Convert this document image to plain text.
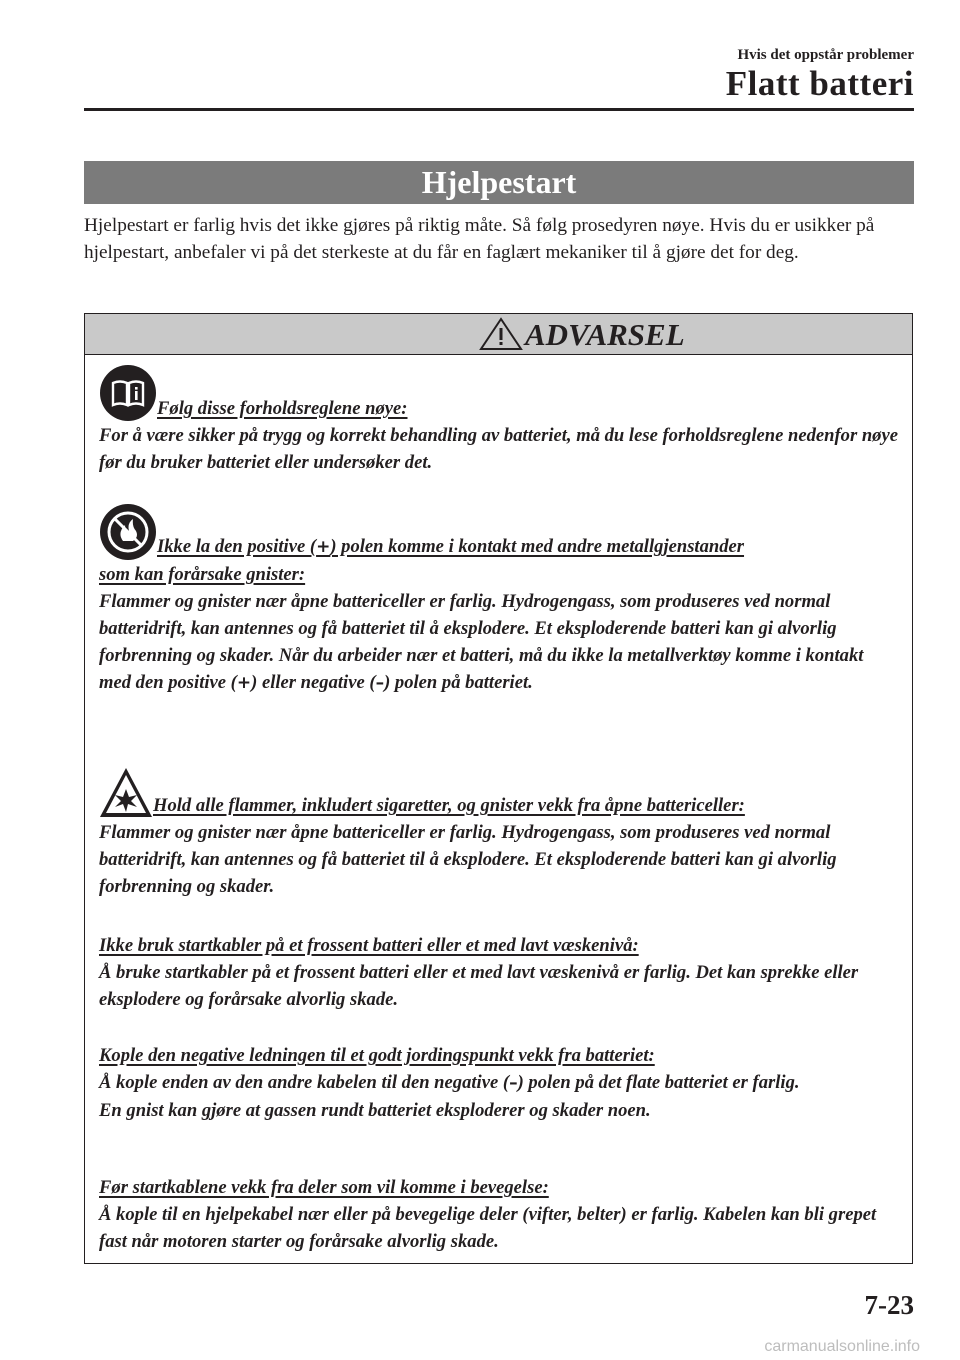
Hvis det oppstår problemer
Flatt batteri
Hjelpestart
Hjelpestart er farlig hvis det ikke gjøres på riktig måte. Så følg prosedyren nøye. Hvis du er usikker på hjelpestart, anbefaler vi på det sterkeste at du får en faglært mekaniker til å gjøre det for deg.
ADVARSEL
Følg disse forholdsreglene nøye:
For å være sikker på trygg og korrekt behandling av batteriet, må du lese forholdsreglene nedenfor nøye før du bruker batteriet eller undersøker det.
Ikke la den positive (+) polen komme i kontakt med andre metallgjenstander
som kan forårsake gnister:
Flammer og gnister nær åpne battericeller er farlig. Hydrogengass, som produseres ved normal batteridrift, kan antennes og få batteriet til å eksplodere. Et eksploderende batteri kan gi alvorlig forbrenning og skader. Når du arbeider nær et batteri, må du ikke la metallverktøy komme i kontakt med den positive (+) eller negative (–) polen på batteriet.
Hold alle flammer, inkludert sigaretter, og gnister vekk fra åpne battericeller:
Flammer og gnister nær åpne battericeller er farlig. Hydrogengass, som produseres ved normal batteridrift, kan antennes og få batteriet til å eksplodere. Et eksploderende batteri kan gi alvorlig forbrenning og skader.
Ikke bruk startkabler på et frossent batteri eller et med lavt væskenivå:
Å bruke startkabler på et frossent batteri eller et med lavt væskenivå er farlig. Det kan sprekke eller eksplodere og forårsake alvorlig skade.
Kople den negative ledningen til et godt jordingspunkt vekk fra batteriet:
Å kople enden av den andre kabelen til den negative (–) polen på det flate batteriet er farlig.
En gnist kan gjøre at gassen rundt batteriet eksploderer og skader noen.
Før startkablene vekk fra deler som vil komme i bevegelse:
Å kople til en hjelpekabel nær eller på bevegelige deler (vifter, belter) er farlig. Kabelen kan bli grepet fast når motoren starter og forårsake alvorlig skade.
7-23
carmanualsonline.info
